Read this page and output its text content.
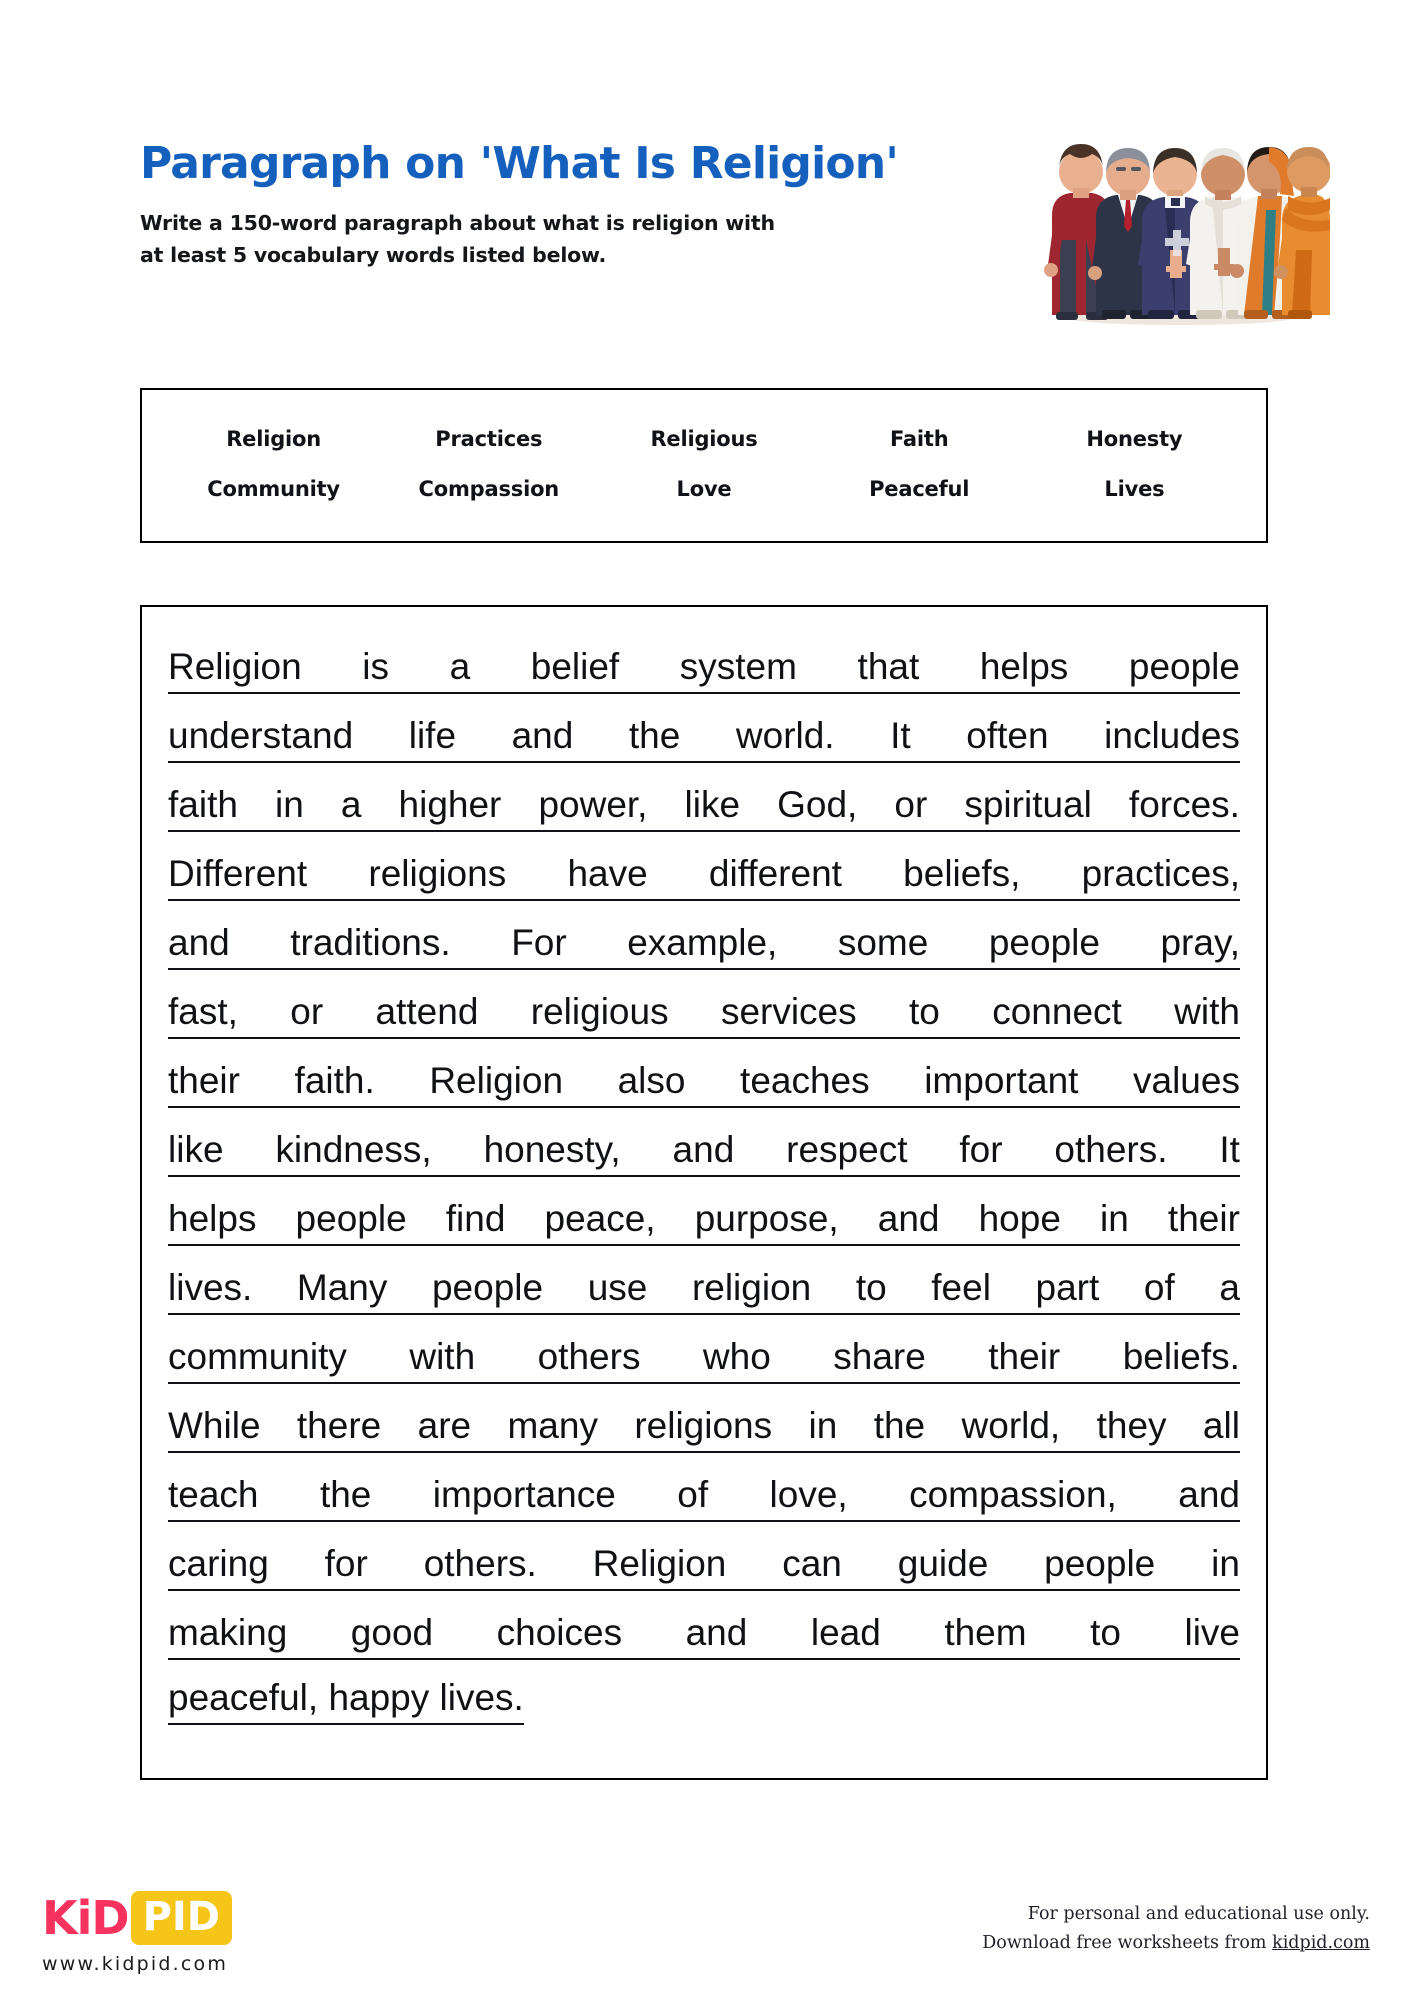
Paragraph on 'What Is Religion'
Write a 150-word paragraph about what is religion with at least 5 vocabulary words listed below.
Religion	Practices	Religious	Faith	Honesty
Community	Compassion	Love	Peaceful	Lives
Religion is a belief system that helps people
understand life and the world. It often includes
faith in a higher power, like God, or spiritual forces.
Different religions have different beliefs, practices,
and traditions. For example, some people pray,
fast, or attend religious services to connect with
their faith. Religion also teaches important values
like kindness, honesty, and respect for others. It
helps people find peace, purpose, and hope in their
lives. Many people use religion to feel part of a
community with others who share their beliefs.
While there are many religions in the world, they all
teach the importance of love, compassion, and
caring for others. Religion can guide people in
making good choices and lead them to live
peaceful, happy lives.
KiD PID
www.kidpid.com
For personal and educational use only.
Download free worksheets from kidpid.com
